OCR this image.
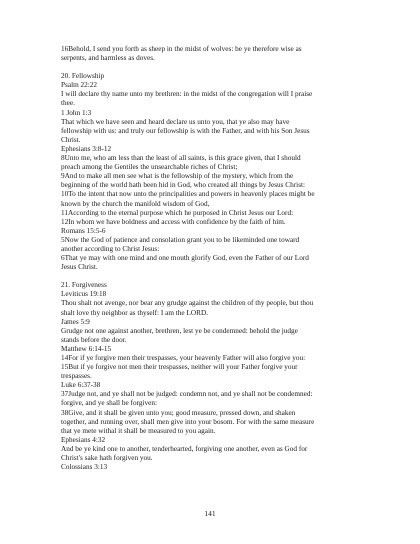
16Behold, I send you forth as sheep in the midst of wolves: be ye therefore wise as
serpents, and harmless as doves.
20. Fellowship
Psalm 22:22
I will declare thy name unto my brethren: in the midst of the congregation will I praise
thee.
1 John 1:3
That which we have seen and heard declare us unto you, that ye also may have
fellowship with us: and truly our fellowship is with the Father, and with his Son Jesus
Christ.
Ephesians 3:8-12
8Unto me, who am less than the least of all saints, is this grace given, that I should
preach among the Gentiles the unsearchable riches of Christ;
9And to make all men see what is the fellowship of the mystery, which from the
beginning of the world hath been hid in God, who created all things by Jesus Christ:
10To the intent that now unto the principalities and powers in heavenly places might be
known by the church the manifold wisdom of God,
11According to the eternal purpose which he purposed in Christ Jesus our Lord:
12In whom we have boldness and access with confidence by the faith of him.
Romans 15:5-6
5Now the God of patience and consolation grant you to be likeminded one toward
another according to Christ Jesus:
6That ye may with one mind and one mouth glorify God, even the Father of our Lord
Jesus Christ.
21. Forgiveness
Leviticus 19:18
Thou shalt not avenge, nor bear any grudge against the children of thy people, but thou
shalt love thy neighbor as thyself: I am the LORD.
James 5:9
Grudge not one against another, brethren, lest ye be condemned: behold the judge
stands before the door.
Matthew 6:14-15
14For if ye forgive men their trespasses, your heavenly Father will also forgive you:
15But if ye forgive not men their trespasses, neither will your Father forgive your
trespasses.
Luke 6:37-38
37Judge not, and ye shall not be judged: condemn not, and ye shall not be condemned:
forgive, and ye shall be forgiven:
38Give, and it shall be given unto you; good measure, pressed down, and shaken
together, and running over, shall men give into your bosom. For with the same measure
that ye mete withal it shall be measured to you again.
Ephesians 4:32
And be ye kind one to another, tenderhearted, forgiving one another, even as God for
Christ's sake hath forgiven you.
Colossians 3:13
141
